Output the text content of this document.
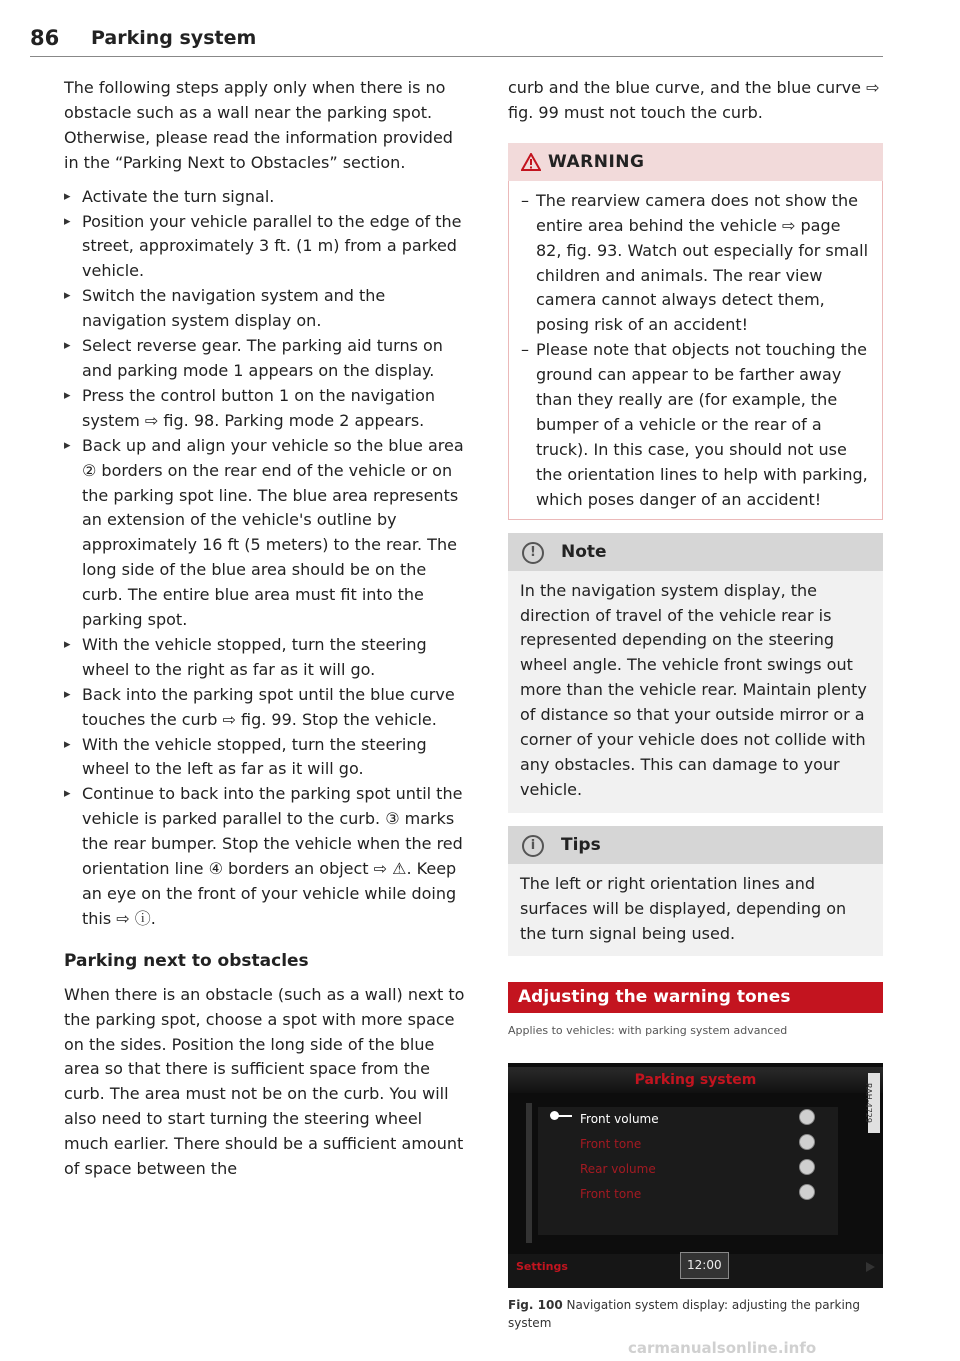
86 Parking system

The following steps apply only when there is no obstacle such as a wall near the parking spot. Otherwise, please read the information provided in the “Parking Next to Obstacles” section.

▸ Activate the turn signal.
▸ Position your vehicle parallel to the edge of the street, approximately 3 ft. (1 m) from a parked vehicle.
▸ Switch the navigation system and the navigation system display on.
▸ Select reverse gear. The parking aid turns on and parking mode 1 appears on the display.
▸ Press the control button 1 on the navigation system ⇨ fig. 98. Parking mode 2 appears.
▸ Back up and align your vehicle so the blue area ② borders on the rear end of the vehicle or on the parking spot line. The blue area represents an extension of the vehicle's outline by approximately 16 ft (5 meters) to the rear. The long side of the blue area should be on the curb. The entire blue area must fit into the parking spot.
▸ With the vehicle stopped, turn the steering wheel to the right as far as it will go.
▸ Back into the parking spot until the blue curve touches the curb ⇨ fig. 99. Stop the vehicle.
▸ With the vehicle stopped, turn the steering wheel to the left as far as it will go.
▸ Continue to back into the parking spot until the vehicle is parked parallel to the curb. ③ marks the rear bumper. Stop the vehicle when the red orientation line ④ borders an object ⇨ ⚠. Keep an eye on the front of your vehicle while doing this ⇨ ⓘ.

Parking next to obstacles

When there is an obstacle (such as a wall) next to the parking spot, choose a spot with more space on the sides. Position the long side of the blue area so that there is sufficient space from the curb. The area must not be on the curb. You will also need to start turning the steering wheel much earlier. There should be a sufficient amount of space between the

curb and the blue curve, and the blue curve ⇨ fig. 99 must not touch the curb.

WARNING
– The rearview camera does not show the entire area behind the vehicle ⇨ page 82, fig. 93. Watch out especially for small children and animals. The rear view camera cannot always detect them, posing risk of an accident!
– Please note that objects not touching the ground can appear to be farther away than they really are (for example, the bumper of a vehicle or the rear of a truck). In this case, you should not use the orientation lines to help with parking, which poses danger of an accident!
!	Note
In the navigation system display, the direction of travel of the vehicle rear is represented depending on the steering wheel angle. The vehicle front swings out more than the vehicle rear. Maintain plenty of distance so that your outside mirror or a corner of your vehicle does not collide with any obstacles. This can damage to your vehicle.
i	Tips
The left or right orientation lines and surfaces will be displayed, depending on the turn signal being used.
Adjusting the warning tones
Applies to vehicles: with parking system advanced
Parking system
Front volume
Front tone
Rear volume
Front tone
Settings	12:00
RAH-4729
Fig. 100 Navigation system display: adjusting the parking system
carmanualsonline.info
